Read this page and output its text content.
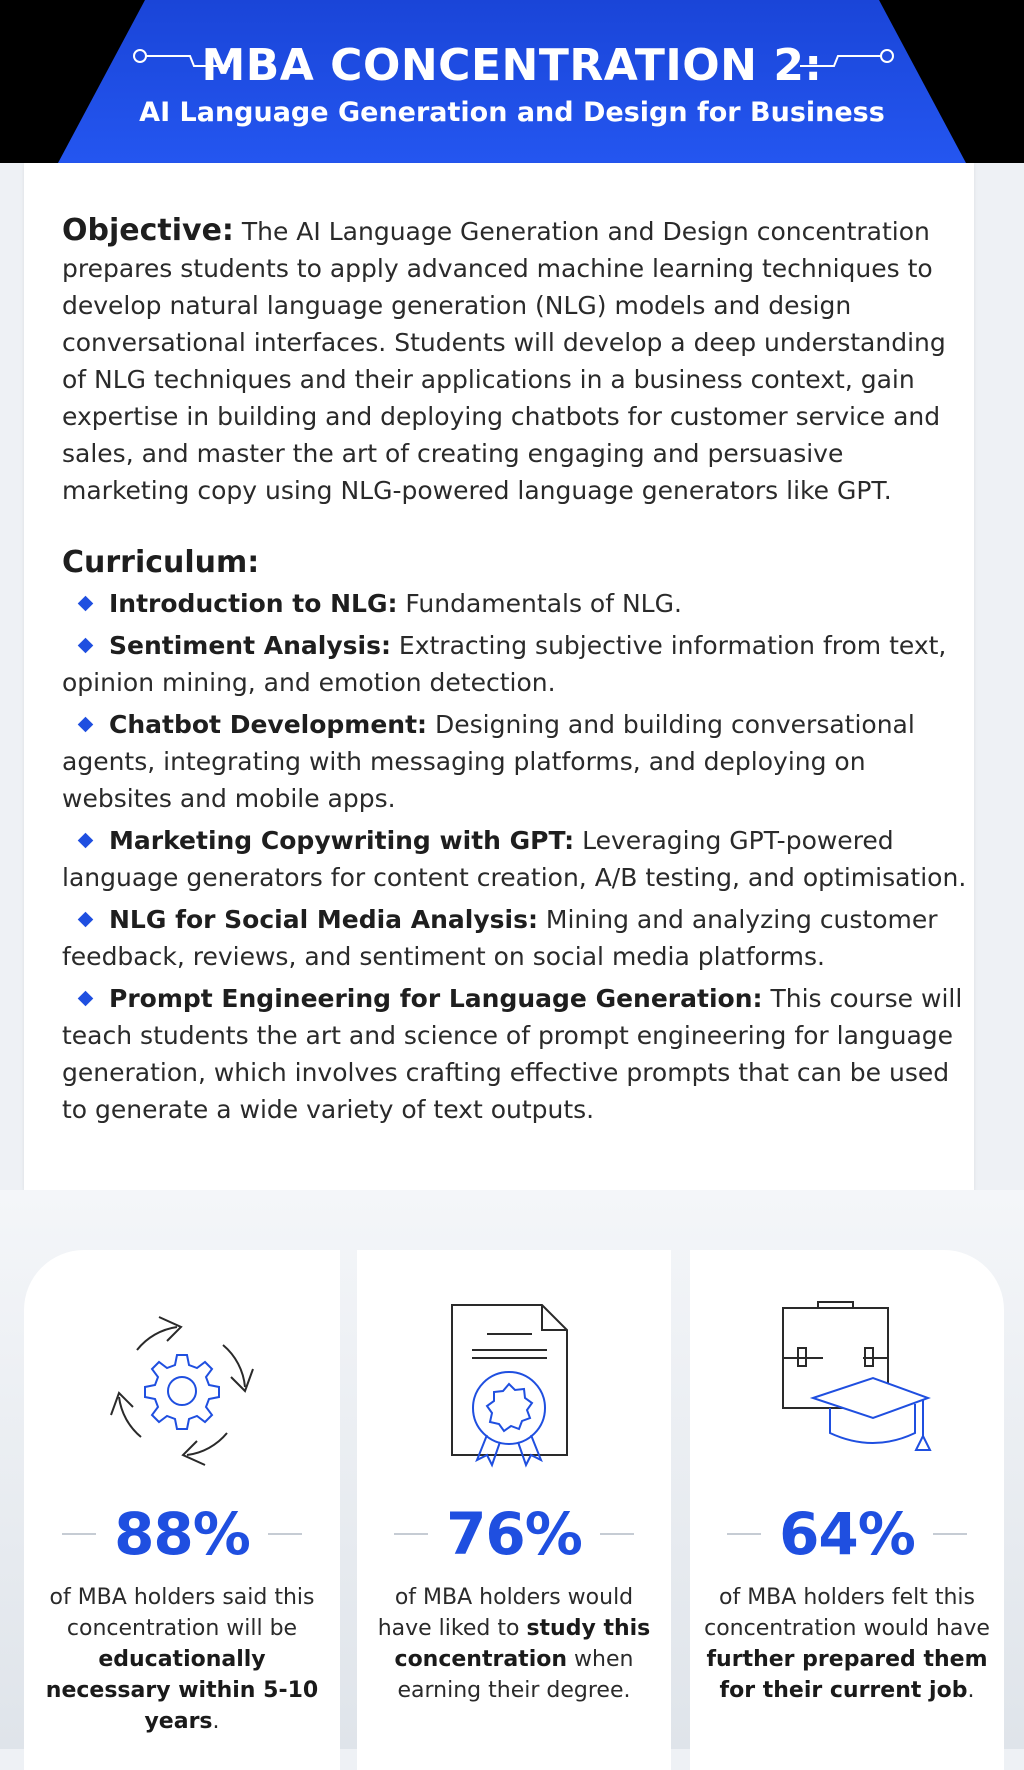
MBA CONCENTRATION 2:
AI Language Generation and Design for Business
Objective: The AI Language Generation and Design concentration prepares students to apply advanced machine learning techniques to develop natural language generation (NLG) models and design conversational interfaces. Students will develop a deep understanding of NLG techniques and their applications in a business context, gain expertise in building and deploying chatbots for customer service and sales, and master the art of creating engaging and persuasive marketing copy using NLG-powered language generators like GPT.
Curriculum:
Introduction to NLG: Fundamentals of NLG.
Sentiment Analysis: Extracting subjective information from text, opinion mining, and emotion detection.
Chatbot Development: Designing and building conversational agents, integrating with messaging platforms, and deploying on websites and mobile apps.
Marketing Copywriting with GPT: Leveraging GPT-powered language generators for content creation, A/B testing, and optimisation.
NLG for Social Media Analysis: Mining and analyzing customer feedback, reviews, and sentiment on social media platforms.
Prompt Engineering for Language Generation: This course will teach students the art and science of prompt engineering for language generation, which involves crafting effective prompts that can be used to generate a wide variety of text outputs.
88%
of MBA holders said this concentration will be educationally necessary within 5-10 years.
76%
of MBA holders would have liked to study this concentration when earning their degree.
64%
of MBA holders felt this concentration would have further prepared them for their current job.
